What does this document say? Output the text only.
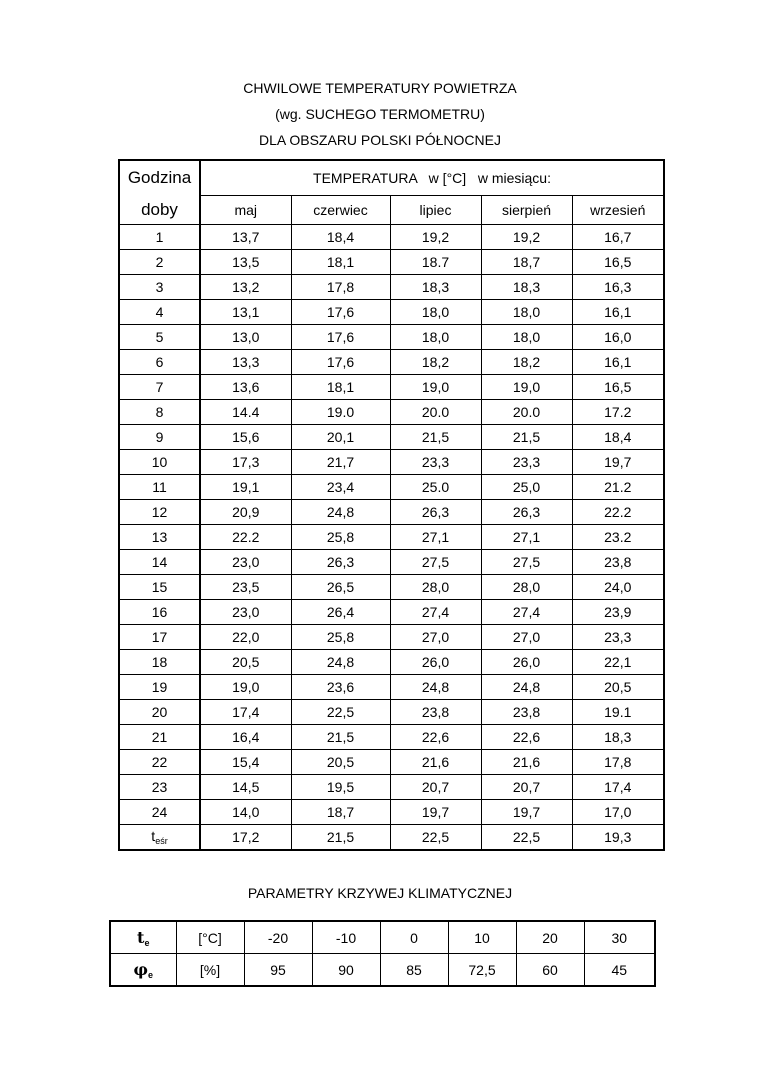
CHWILOWE TEMPERATURY POWIETRZA
(wg. SUCHEGO TERMOMETRU)
DLA OBSZARU POLSKI PÓŁNOCNEJ
Godzina	TEMPERATURA   w [°C]   w miesiącu:				
doby	maj	czerwiec	lipiec	sierpień	wrzesień
1	13,7	18,4	19,2	19,2	16,7
2	13,5	18,1	18.7	18,7	16,5
3	13,2	17,8	18,3	18,3	16,3
4	13,1	17,6	18,0	18,0	16,1
5	13,0	17,6	18,0	18,0	16,0
6	13,3	17,6	18,2	18,2	16,1
7	13,6	18,1	19,0	19,0	16,5
8	14.4	19.0	20.0	20.0	17.2
9	15,6	20,1	21,5	21,5	18,4
10	17,3	21,7	23,3	23,3	19,7
11	19,1	23,4	25.0	25,0	21.2
12	20,9	24,8	26,3	26,3	22.2
13	22.2	25,8	27,1	27,1	23.2
14	23,0	26,3	27,5	27,5	23,8
15	23,5	26,5	28,0	28,0	24,0
16	23,0	26,4	27,4	27,4	23,9
17	22,0	25,8	27,0	27,0	23,3
18	20,5	24,8	26,0	26,0	22,1
19	19,0	23,6	24,8	24,8	20,5
20	17,4	22,5	23,8	23,8	19.1
21	16,4	21,5	22,6	22,6	18,3
22	15,4	20,5	21,6	21,6	17,8
23	14,5	19,5	20,7	20,7	17,4
24	14,0	18,7	19,7	19,7	17,0
$t_{eśr}$	17,2	21,5	22,5	22,5	19,3
PARAMETRY KRZYWEJ KLIMATYCZNEJ
$t_e$	[°C]	-20	-10	0	10	20	30
$\varphi_e$	[%]	95	90	85	72,5	60	45
